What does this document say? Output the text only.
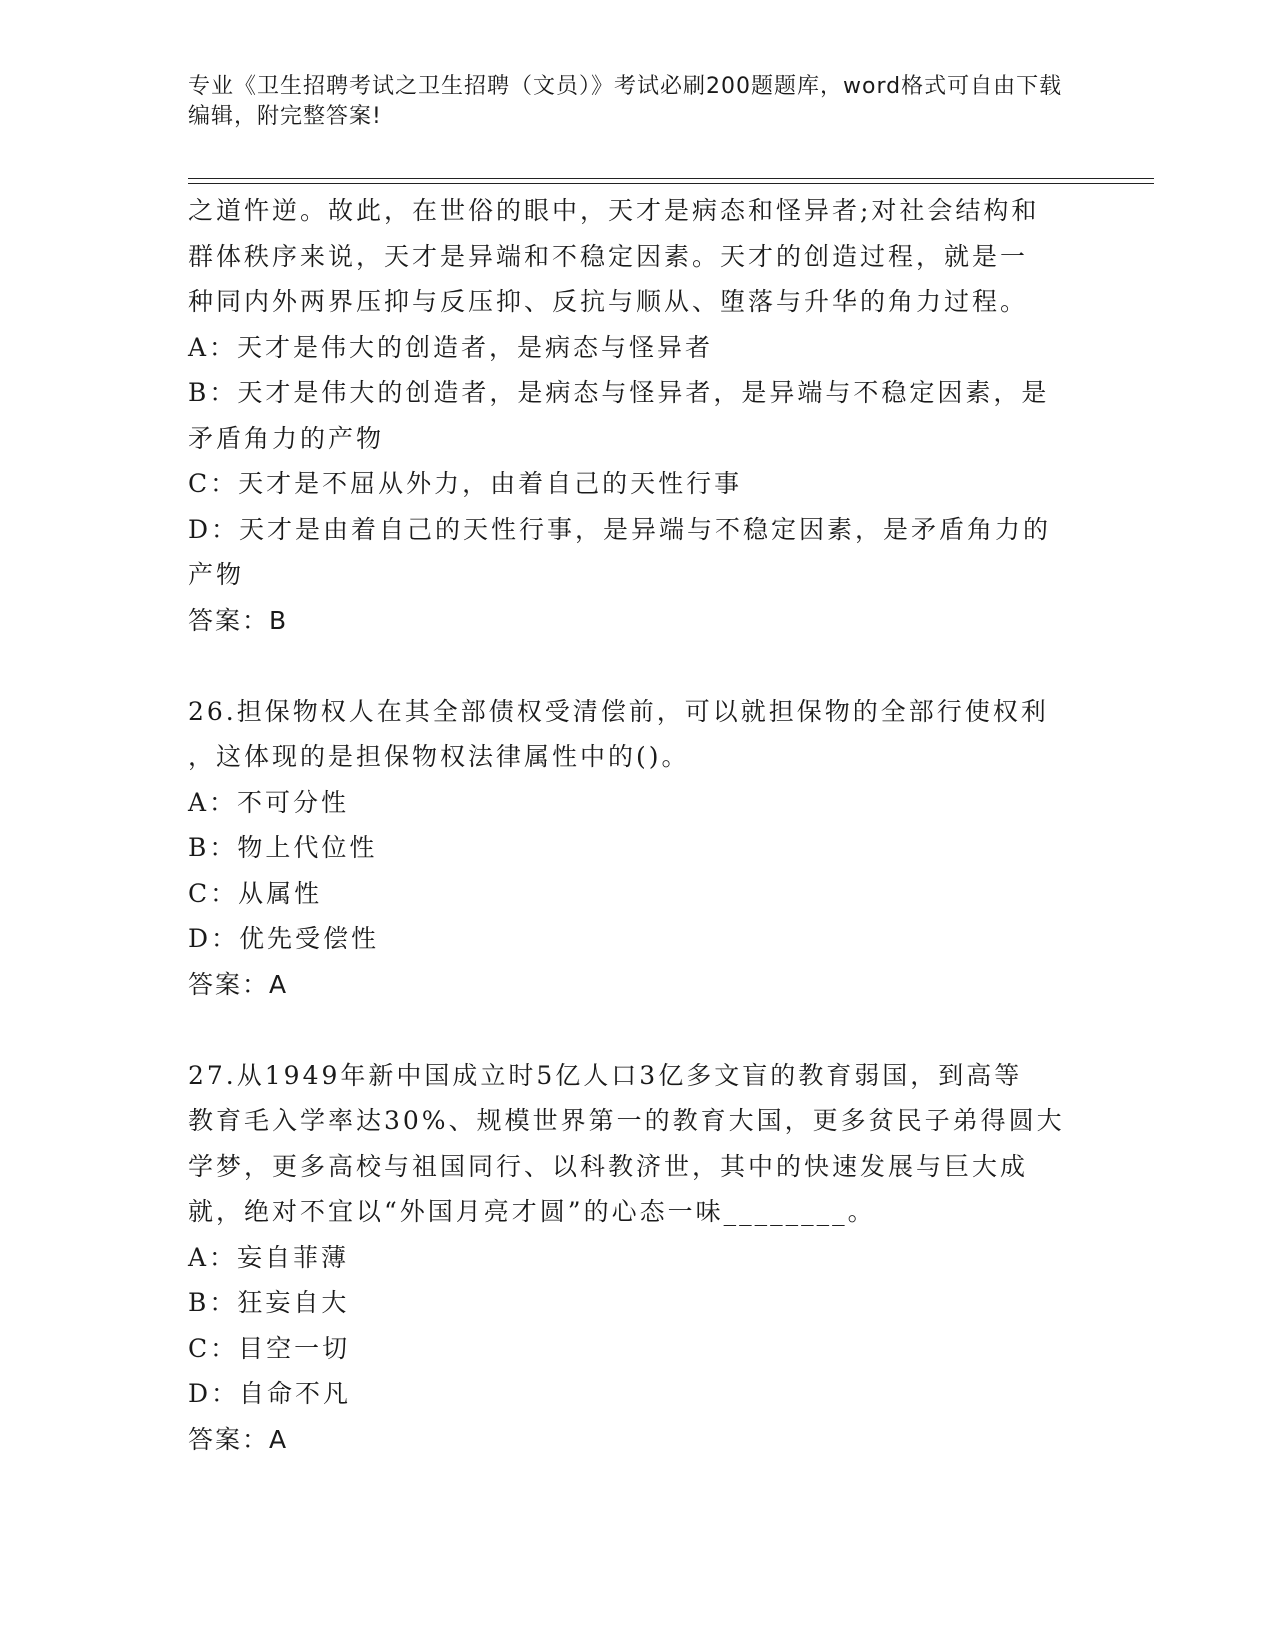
专业《卫生招聘考试之卫生招聘（文员）》考试必刷200题题库，word格式可自由下载编辑，附完整答案!

之道忤逆。故此，在世俗的眼中，天才是病态和怪异者;对社会结构和

群体秩序来说，天才是异端和不稳定因素。天才的创造过程，就是一

种同内外两界压抑与反压抑、反抗与顺从、堕落与升华的角力过程。

A：天才是伟大的创造者，是病态与怪异者

B：天才是伟大的创造者，是病态与怪异者，是异端与不稳定因素，是

矛盾角力的产物

C：天才是不屈从外力，由着自己的天性行事

D：天才是由着自己的天性行事，是异端与不稳定因素，是矛盾角力的

产物

答案：B

26.担保物权人在其全部债权受清偿前，可以就担保物的全部行使权利

，这体现的是担保物权法律属性中的()。

A：不可分性

B：物上代位性

C：从属性

D：优先受偿性

答案：A

27.从1949年新中国成立时5亿人口3亿多文盲的教育弱国，到高等

教育毛入学率达30%、规模世界第一的教育大国，更多贫民子弟得圆大

学梦，更多高校与祖国同行、以科教济世，其中的快速发展与巨大成

就，绝对不宜以“外国月亮才圆”的心态一味________。

A：妄自菲薄

B：狂妄自大

C：目空一切

D：自命不凡

答案：A
